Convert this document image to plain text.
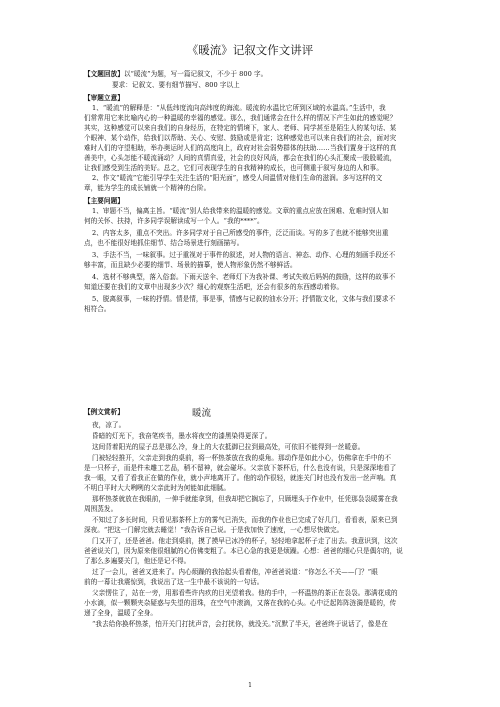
《暖流》记叙文作文讲评
【文题回放】以“暖流”为题，写一篇记叙文，不少于 800 字。
要求：记叙文、要有细节描写、800 字以上
【审题立意】
1、“暖流”的解释是：“从低纬度流向高纬度的海流。暖流的水温比它所到区域的水温高。”生活中，我
们常常用它来比喻内心的一种温暖的幸福的感觉。那么，我们通常会在什么样的情况下产生如此的感觉呢？
其实，这种感觉可以来自我们的自身经历，在特定的情境下，家人、老师、同学甚至是陌生人的某句话、某
个眼神、某个动作，给我们以帮助、关心、安慰、鼓励或是肯定；这种感觉也可以来自我们的社会，面对灾
难时人们的守望相助，举办奥运时人们的高度向上，政府对社会弱势群体的扶助……当我们置身于这样的真
善美中，心头怎能不暖流涌动？人间的真情真爱，社会的良好风尚，都会在我们的心头汇聚成一股股暖流，
让我们感受到生活的美好。总之，它们可表现学生的自我精神的成长，也可侧重于叙写身边的人和事。
2、作文“暖流”它能引导学生关注生活的“阳光面”，感受人间温情对他们生命的滋润。多写这样的文
章，能为学生的成长铺就一个精神的台阶。
【主要问题】
1、审题不当，偏离主旨。“暖流”别人给我带来的温暖的感觉。文章的重点应放在困难、危难时别人如
何的关怀、扶持，许多同学误解读成写一个人。“我的****”。
2、内容太多，重点不突出。许多同学对于自己所感受的事件，泛泛而谈。写的多了也就不能够突出重
点，也不能很好地抓住细节、结合场景进行刻画描写。
3、手法不当，一味叙事。过于重视对于事件的叙述，对人物的语言、神态、动作、心理的刻画手段还不
够丰富，而且缺少必要的细节、场景的描摹，使人物形象仍然不够鲜活。
4、选材不够典型，落入俗套。下雨天送伞、老师灯下为我补课、考试失败后妈妈的鼓励，这样的故事不
知道还要在我们的文章中出现多少次？细心的观察生活吧，还会有很多的东西感动着你。
5、脱离叙事，一味的抒情。情是情，事是事，情感与记叙的油水分开；抒情散文化，文体与我们要求不
相符合。
【例文赏析】	暖流
夜，凉了。
昏暗的灯光下，我奋笔疾书，墨水将夜空的漆黑染得更深了。
这间背着阳光的屋子总是那么冷，身上的大衣抵御已拉到最高处，可依旧不能得到一丝暖意。
门被轻轻推开，父亲走到我的桌前，将一杯热茶放在我的桌角。那动作是如此小心，仿佛拿在手中的不
是一只杯子，而是件未雕工艺品，稍不留神，就会碰坏。父亲放下茶杯后，什么也没有说，只是深深地看了
我一眼，又看了看我正在做的作业，就小声地离开了。他的动作很轻，就连关门时也没有发出一丝声响。真
不明白平时大大咧咧的父亲此时为何能如此细腻。
那杯热茶就放在我眼前，一伸手就能拿到，但我却把它搁忘了，只顾埋头于作业中，任凭那袅袅暖雾在我
周围蒸发。
不知过了多长时间，只看见那茶杯上方的雾气已消失，而我的作业也已完成了好几门，看看表，原来已到
深夜。“把这一门解完就去睡觉！”我告诉自己说。于是我加快了速度，一心想尽快做完。
门又开了，还是爸爸。他走到桌前，摸了摸早已冰冷的杯子，轻轻地拿起杯子走了出去。我意识到，这次
爸爸说关门，因为原来他很细腻的心仿佛变粗了。本已心急的我更是烦躁。心想：爸爸的细心只是偶尔的，说
了那么多遍要关门，他还是记不得。
过了一会儿，爸爸又进来了。内心烦躁的我抬起头看着他，冲爸爸说道：“你怎么不关——门？”眼
前的一幕让我震惊到，我说出了这一生中最不该说的一句话。
父亲愣住了，站在一旁，用那看些许内疚的目光望着我。他的手中，一杯温热的茶正在袅袅。那满花成的
小水滴，似一颗颗夹杂疑惑与失望的泪珠，在空气中滚滴，又落在我的心头。心中泛起阵阵涟漪是暖的，传
递了全身，温暖了全身。
“我去给你换杯热茶，怕开关门打扰声音，会打扰你，就没关。”沉默了半天，爸爸终于说话了，像是在
1
